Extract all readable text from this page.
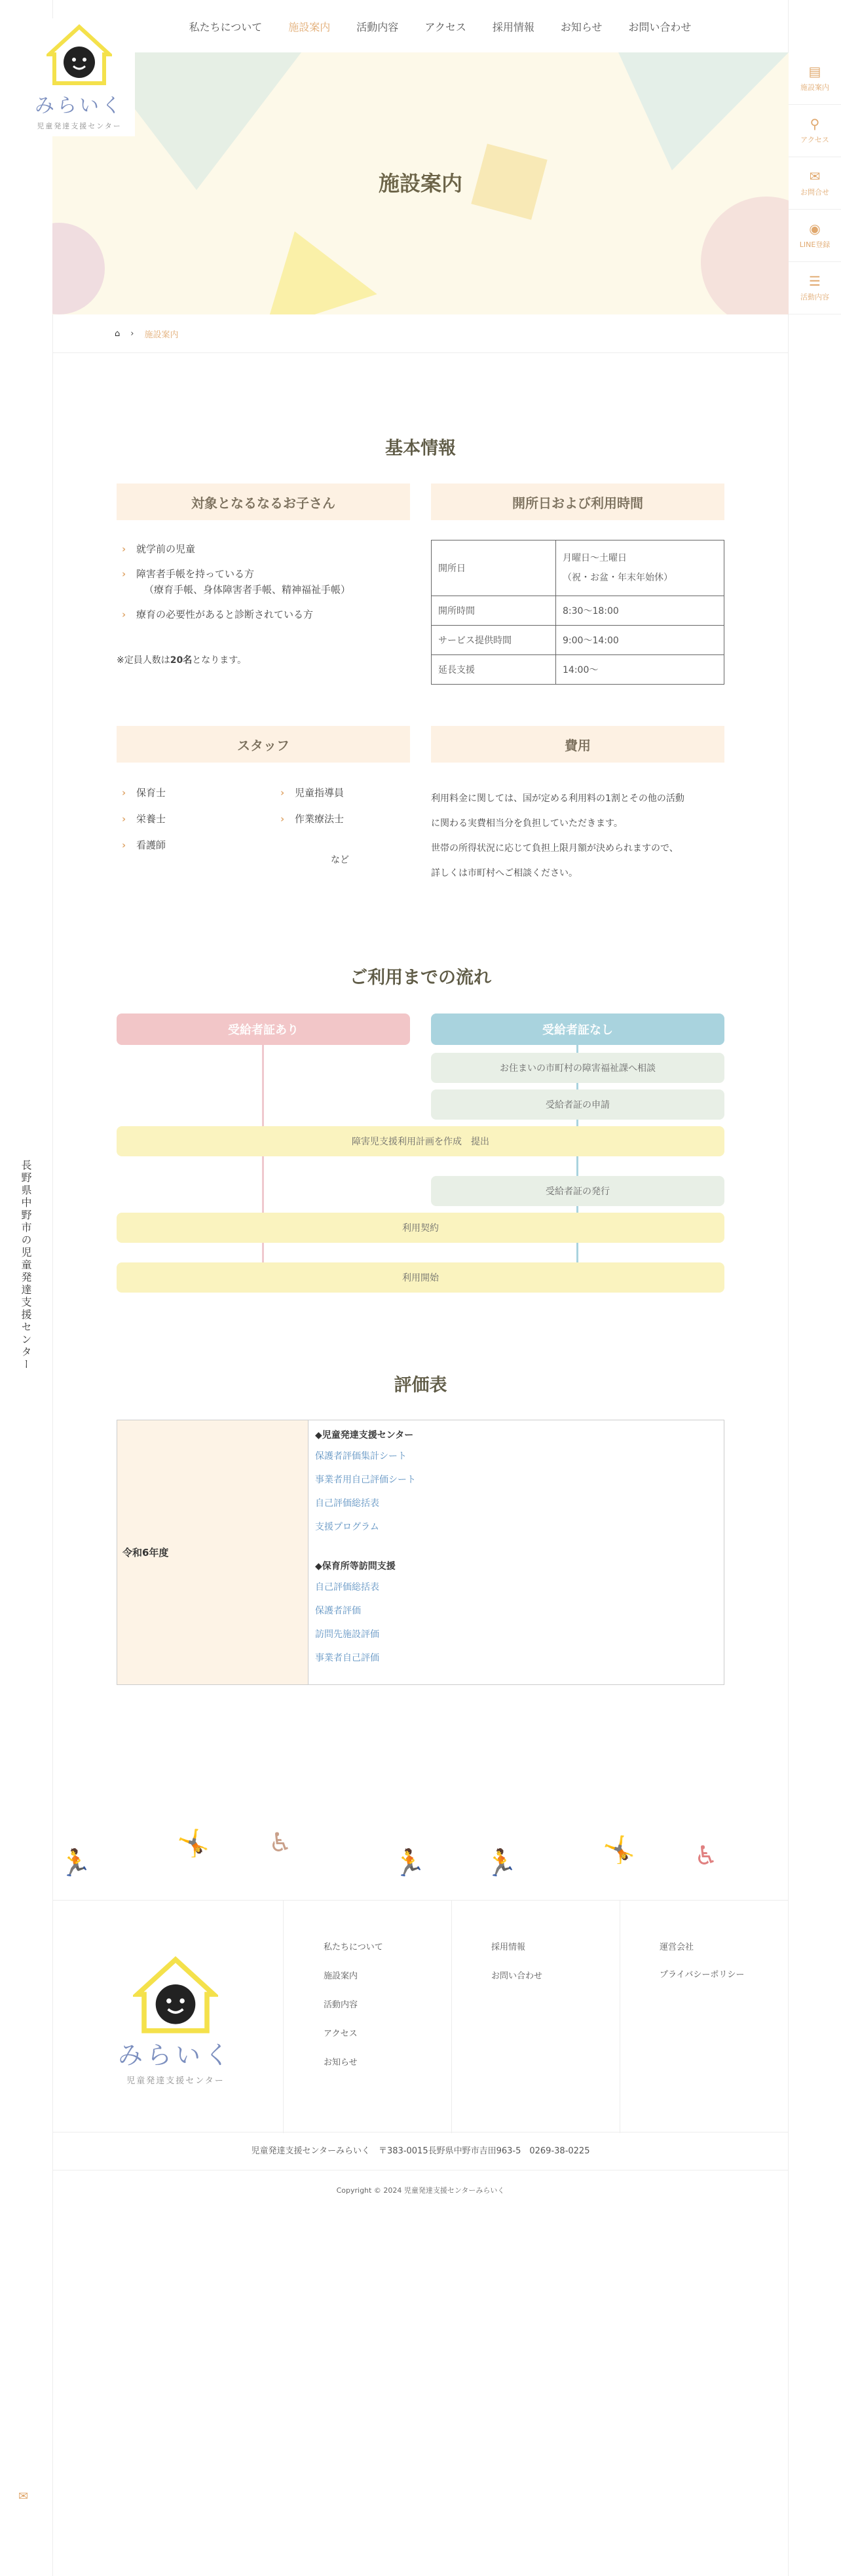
施設案内
みらいく
児童発達支援センター
私たちについて	施設案内	活動内容	アクセス	採用情報	お知らせ	お問い合わせ
▤
施設案内
⚲
アクセス
✉
お問合せ
◉
LINE登録
☰
活動内容
長野県中野市の児童発達支援センター
✉
⌂ › 施設案内
基本情報
対象となるなるお子さん
› 就学前の児童
› 障害者手帳を持っている方
（療育手帳、身体障害者手帳、精神福祉手帳）
› 療育の必要性があると診断されている方
※定員人数は20名となります。
開所日および利用時間
開所日	月曜日〜土曜日
（祝・お盆・年末年始休）

開所時間	8:30〜18:00
サービス提供時間	9:00〜14:00
延長支援	14:00〜
スタッフ
› 保育士
› 栄養士
› 看護師
› 児童指導員
› 作業療法士
など
費用
利用料金に関しては、国が定める利用料の1割とその他の活動
に関わる実費相当分を負担していただきます。
世帯の所得状況に応じて負担上限月額が決められますので、
詳しくは市町村へご相談ください。
ご利用までの流れ
受給者証あり	受給者証なし
お住まいの市町村の障害福祉課へ相談
受給者証の申請
障害児支援利用計画を作成　提出
受給者証の発行
利用契約
利用開始
評価表
令和6年度
◆児童発達支援センター
保護者評価集計シート
事業者用自己評価シート
自己評価総括表
支援プログラム
◆保育所等訪問支援
自己評価総括表
保護者評価
訪問先施設評価
事業者自己評価
🏃
🤸 ♿
🏃 🏃	🤸 ♿
みらいく
児童発達支援センター
私たちについて
施設案内
活動内容
アクセス
お知らせ
採用情報
お問い合わせ
運営会社
プライバシーポリシー
児童発達支援センターみらいく　〒383-0015長野県中野市吉田963-5　0269-38-0225
Copyright © 2024 児童発達支援センターみらいく
